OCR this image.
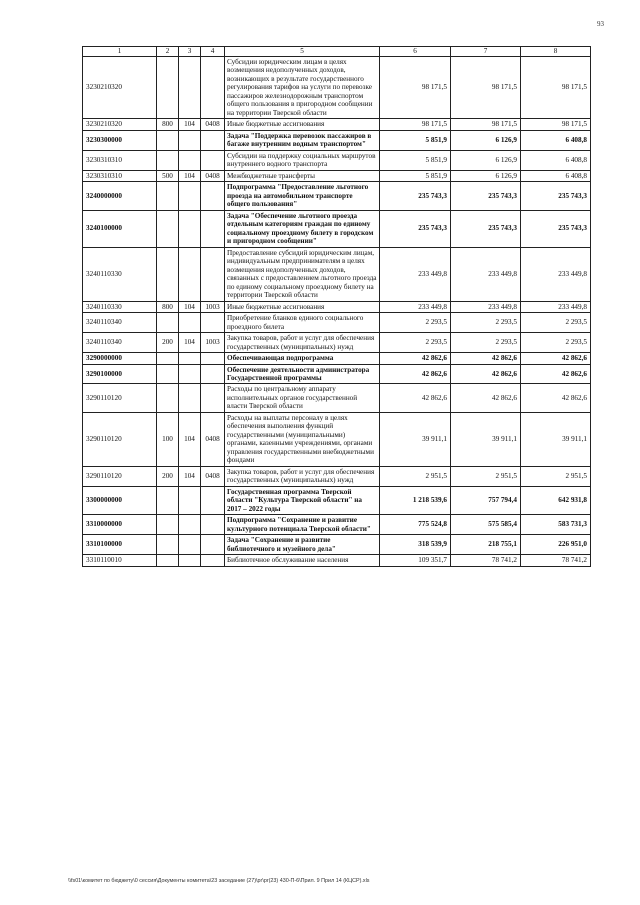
93
1	2	3	4	5	6	7	8
3230210320				Субсидии юридическим лицам в целях возмещения недополученных доходов, возникающих в результате государственного регулирования тарифов на услуги по перевозке пассажиров железнодорожным транспортом общего пользования в пригородном сообщении на территории Тверской области	98 171,5	98 171,5	98 171,5
3230210320	800	104	0408	Иные бюджетные ассигнования	98 171,5	98 171,5	98 171,5
3230300000				Задача "Поддержка перевозок пассажиров в багаже внутренним водным транспортом"	5 851,9	6 126,9	6 408,8
3230310310				Субсидии на поддержку социальных маршрутов внутреннего водного транспорта	5 851,9	6 126,9	6 408,8
3230310310	500	104	0408	Межбюджетные трансферты	5 851,9	6 126,9	6 408,8
3240000000				Подпрограмма "Предоставление льготного проезда на автомобильном транспорте общего пользования"	235 743,3	235 743,3	235 743,3
3240100000				Задача "Обеспечение льготного проезда отдельным категориям граждан по единому социальному проездному билету в городском и пригородном сообщении"	235 743,3	235 743,3	235 743,3
3240110330				Предоставление субсидий юридическим лицам, индивидуальным предпринимателям в целях возмещения недополученных доходов, связанных с предоставлением льготного проезда по единому социальному проездному билету на территории Тверской области	233 449,8	233 449,8	233 449,8
3240110330	800	104	1003	Иные бюджетные ассигнования	233 449,8	233 449,8	233 449,8
3240110340				Приобретение бланков единого социального проездного билета	2 293,5	2 293,5	2 293,5
3240110340	200	104	1003	Закупка товаров, работ и услуг для обеспечения государственных (муниципальных) нужд	2 293,5	2 293,5	2 293,5
3290000000				Обеспечивающая подпрограмма	42 862,6	42 862,6	42 862,6
3290100000				Обеспечение деятельности администратора Государственной программы	42 862,6	42 862,6	42 862,6
3290110120				Расходы по центральному аппарату исполнительных органов государственной власти Тверской области	42 862,6	42 862,6	42 862,6
3290110120	100	104	0408	Расходы на выплаты персоналу в целях обеспечения выполнения функций государственными (муниципальными) органами, казенными учреждениями, органами управления государственными внебюджетными фондами	39 911,1	39 911,1	39 911,1
3290110120	200	104	0408	Закупка товаров, работ и услуг для обеспечения государственных (муниципальных) нужд	2 951,5	2 951,5	2 951,5
3300000000				Государственная программа Тверской области "Культура Тверской области" на 2017 – 2022 годы	1 218 539,6	757 794,4	642 931,8
3310000000				Подпрограмма "Сохранение и развитие культурного потенциала Тверской области"	775 524,8	575 585,4	583 731,3
3310100000				Задача "Сохранение и развитие библиотечного и музейного дела"	318 539,9	218 755,1	226 951,0
3310110010				Библиотечное обслуживание населения	109 351,7	78 741,2	78 741,2
\\fs01\комитет по бюджету\0 сессия\Документы комитета\23 заседание (27)\pr\pr(23) 430-П-6\Прил. 9 Прил 14 (КЦСР).xls
